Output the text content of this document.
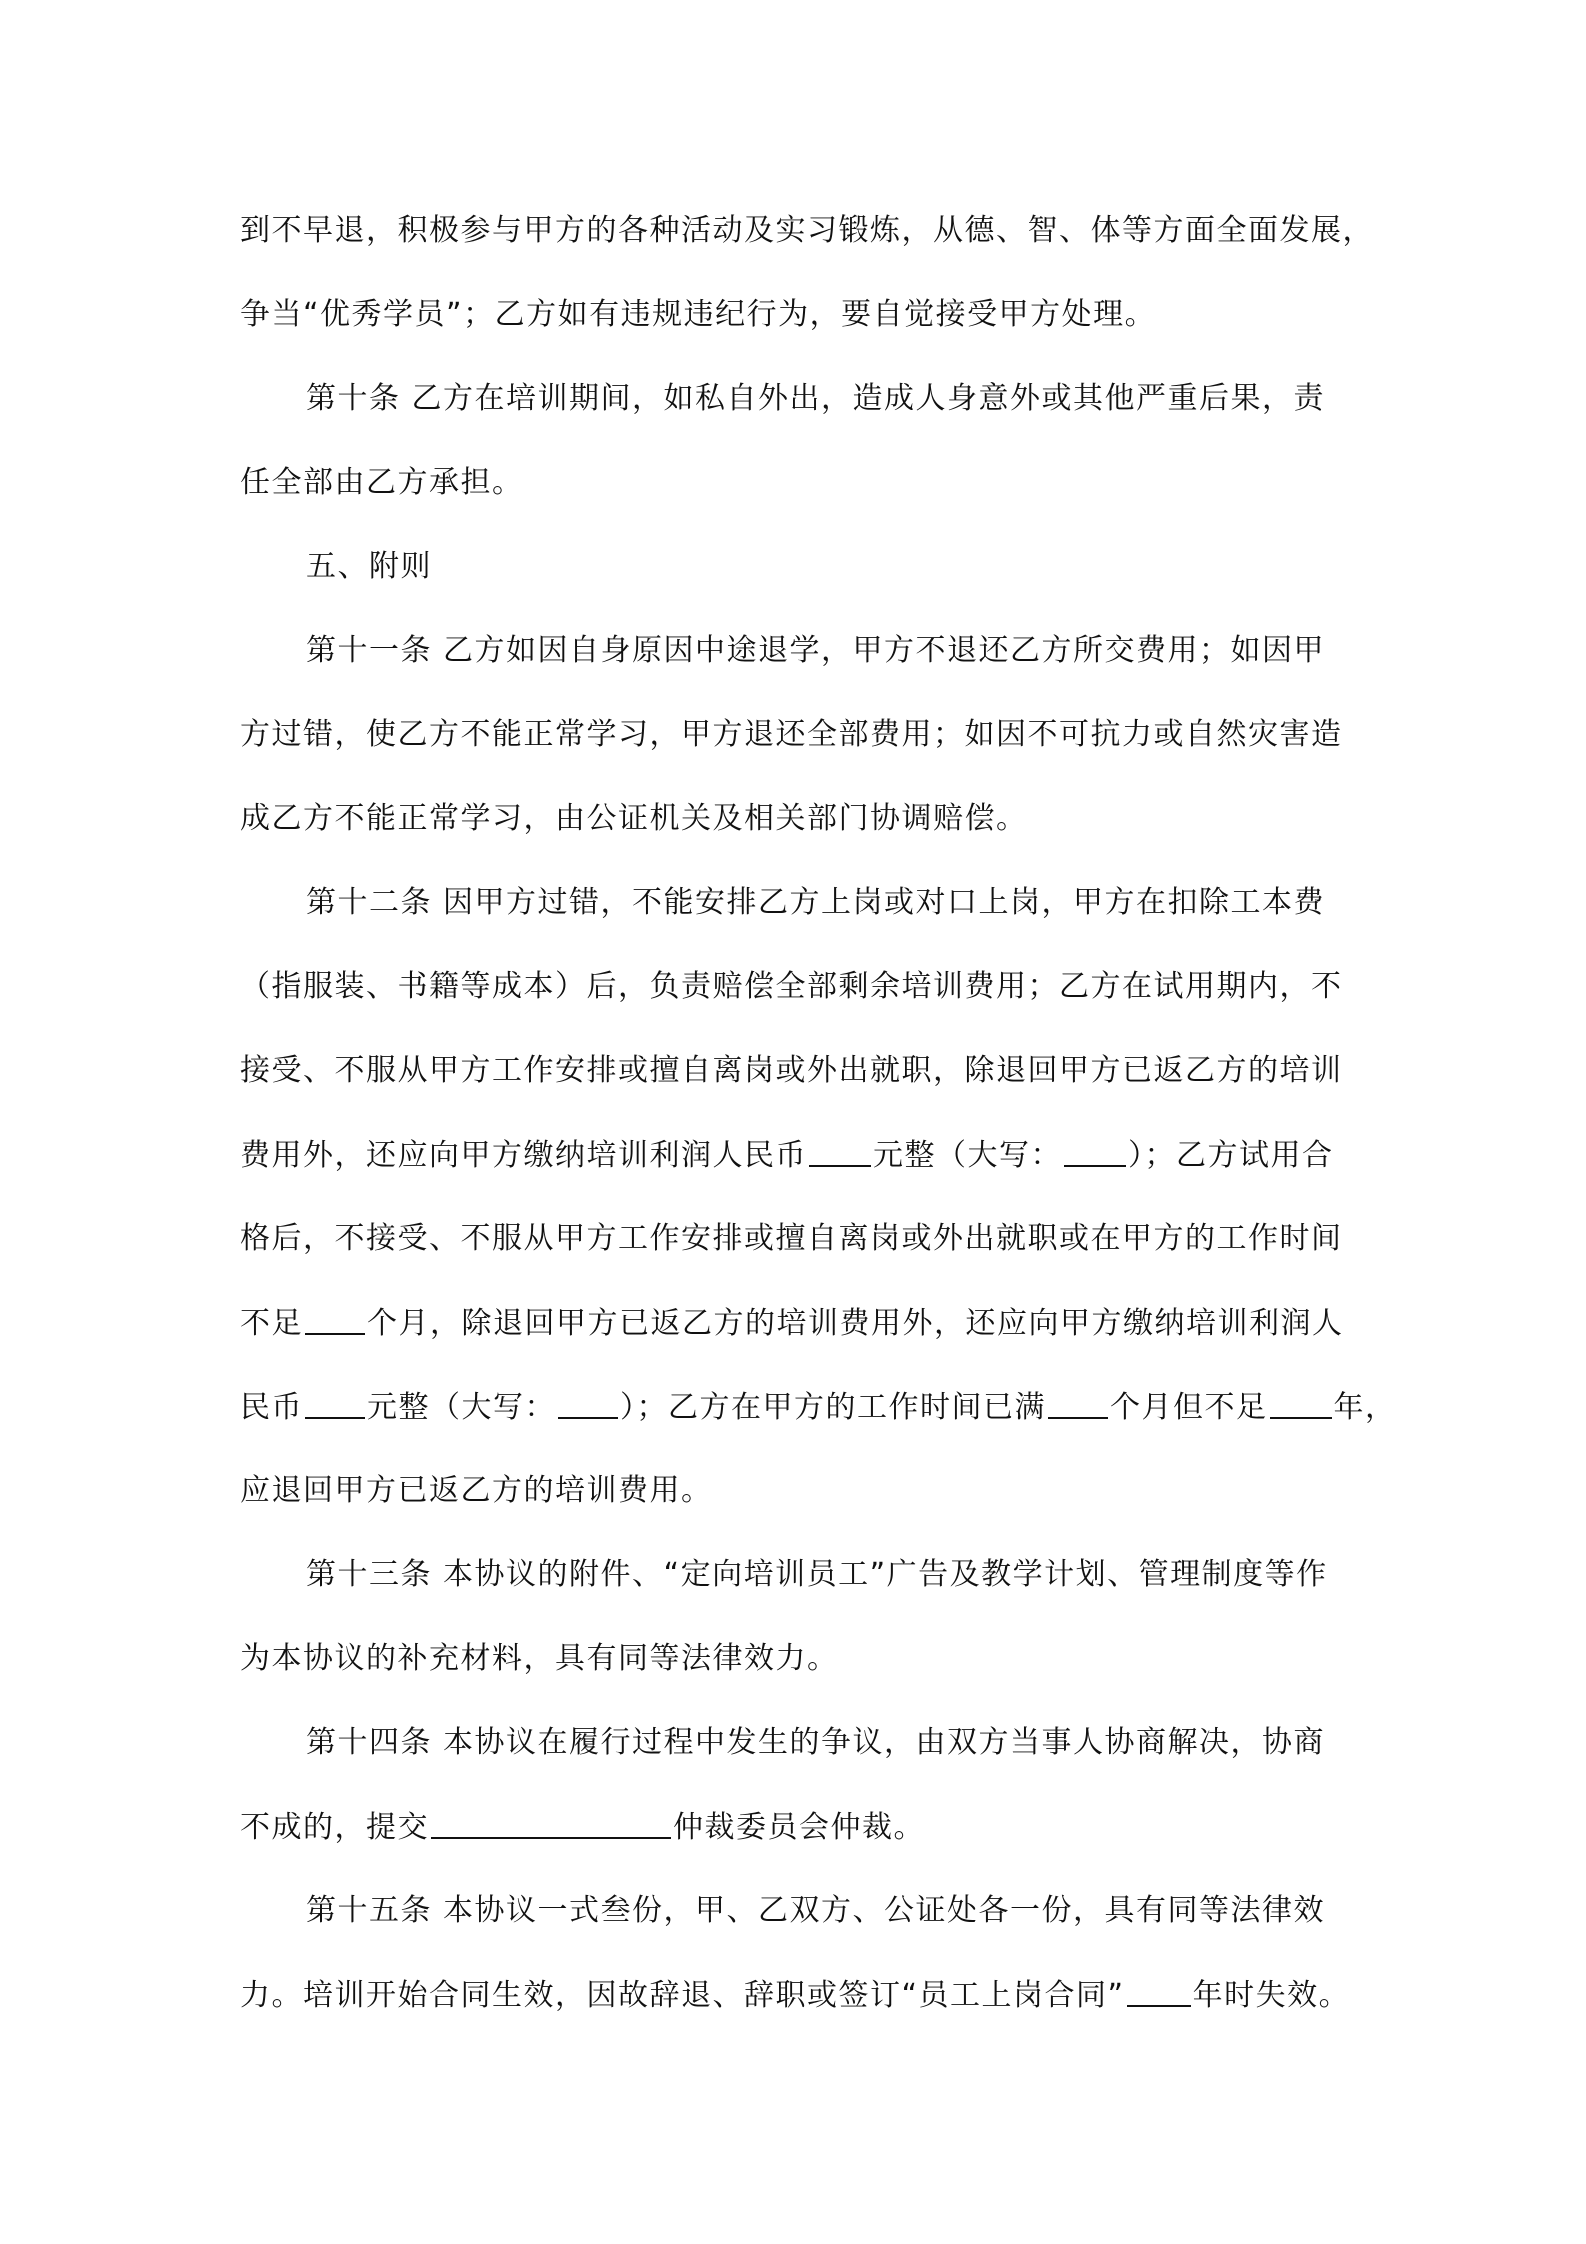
到不早退，积极参与甲方的各种活动及实习锻炼，从德、智、体等方面全面发展，
争当“优秀学员”；乙方如有违规违纪行为，要自觉接受甲方处理。
第十条 乙方在培训期间，如私自外出，造成人身意外或其他严重后果，责
任全部由乙方承担。
五、附则
第十一条 乙方如因自身原因中途退学，甲方不退还乙方所交费用；如因甲
方过错，使乙方不能正常学习，甲方退还全部费用；如因不可抗力或自然灾害造
成乙方不能正常学习，由公证机关及相关部门协调赔偿。
第十二条 因甲方过错，不能安排乙方上岗或对口上岗，甲方在扣除工本费
（指服装、书籍等成本）后，负责赔偿全部剩余培训费用；乙方在试用期内，不
接受、不服从甲方工作安排或擅自离岗或外出就职，除退回甲方已返乙方的培训
费用外，还应向甲方缴纳培训利润人民币 元整（大写： ）；乙方试用合
格后，不接受、不服从甲方工作安排或擅自离岗或外出就职或在甲方的工作时间
不足 个月，除退回甲方已返乙方的培训费用外，还应向甲方缴纳培训利润人
民币 元整（大写： ）；乙方在甲方的工作时间已满 个月但不足 年，
应退回甲方已返乙方的培训费用。
第十三条 本协议的附件、“定向培训员工”广告及教学计划、管理制度等作
为本协议的补充材料，具有同等法律效力。
第十四条 本协议在履行过程中发生的争议，由双方当事人协商解决，协商
不成的，提交	仲裁委员会仲裁。
第十五条 本协议一式叁份，甲、乙双方、公证处各一份，具有同等法律效
力。培训开始合同生效，因故辞退、辞职或签订“员工上岗合同” 年时失效。
